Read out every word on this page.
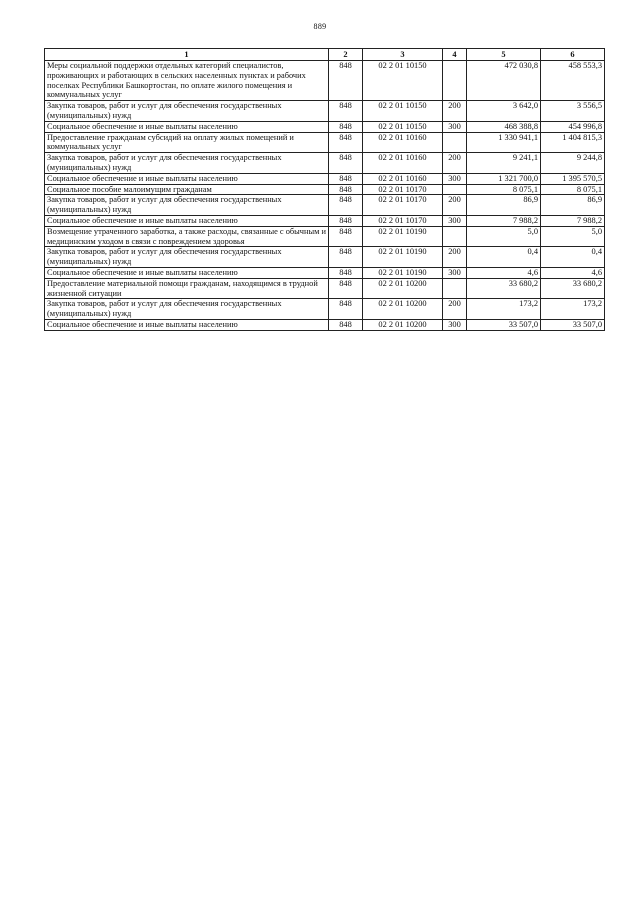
889
1	2	3	4	5	6
Меры социальной поддержки отдельных категорий специалистов, проживающих и работающих в сельских населенных пунктах и рабочих поселках Республики Башкортостан, по оплате жилого помещения и коммунальных услуг	848	02 2 01 10150		472 030,8	458 553,3
Закупка товаров, работ и услуг для обеспечения государственных (муниципальных) нужд	848	02 2 01 10150	200	3 642,0	3 556,5
Социальное обеспечение и иные выплаты населению	848	02 2 01 10150	300	468 388,8	454 996,8
Предоставление гражданам субсидий на оплату жилых помещений и коммунальных услуг	848	02 2 01 10160		1 330 941,1	1 404 815,3
Закупка товаров, работ и услуг для обеспечения государственных (муниципальных) нужд	848	02 2 01 10160	200	9 241,1	9 244,8
Социальное обеспечение и иные выплаты населению	848	02 2 01 10160	300	1 321 700,0	1 395 570,5
Социальное пособие малоимущим гражданам	848	02 2 01 10170		8 075,1	8 075,1
Закупка товаров, работ и услуг для обеспечения государственных (муниципальных) нужд	848	02 2 01 10170	200	86,9	86,9
Социальное обеспечение и иные выплаты населению	848	02 2 01 10170	300	7 988,2	7 988,2
Возмещение утраченного заработка, а также расходы, связанные с обычным и медицинским уходом в связи с повреждением здоровья	848	02 2 01 10190		5,0	5,0
Закупка товаров, работ и услуг для обеспечения государственных (муниципальных) нужд	848	02 2 01 10190	200	0,4	0,4
Социальное обеспечение и иные выплаты населению	848	02 2 01 10190	300	4,6	4,6
Предоставление материальной помощи гражданам, находящимся в трудной жизненной ситуации	848	02 2 01 10200		33 680,2	33 680,2
Закупка товаров, работ и услуг для обеспечения государственных (муниципальных) нужд	848	02 2 01 10200	200	173,2	173,2
Социальное обеспечение и иные выплаты населению	848	02 2 01 10200	300	33 507,0	33 507,0
